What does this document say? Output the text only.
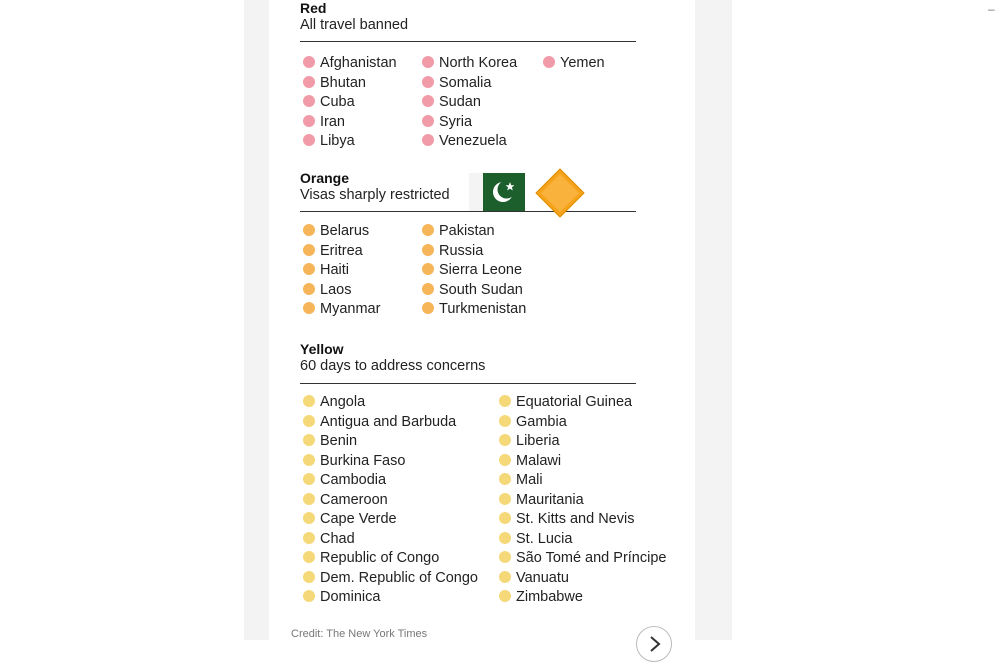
–
Red
All travel banned
Orange
Visas sharply restricted
Yellow
60 days to address concerns
Afghanistan
Bhutan
Cuba
Iran
Libya
North Korea
Somalia
Sudan
Syria
Venezuela
Yemen
Belarus
Eritrea
Haiti
Laos
Myanmar
Pakistan
Russia
Sierra Leone
South Sudan
Turkmenistan
Angola
Antigua and Barbuda
Benin
Burkina Faso
Cambodia
Cameroon
Cape Verde
Chad
Republic of Congo
Dem. Republic of Congo
Dominica
Equatorial Guinea
Gambia
Liberia
Malawi
Mali
Mauritania
St. Kitts and Nevis
St. Lucia
São Tomé and Príncipe
Vanuatu
Zimbabwe
Credit: The New York Times
